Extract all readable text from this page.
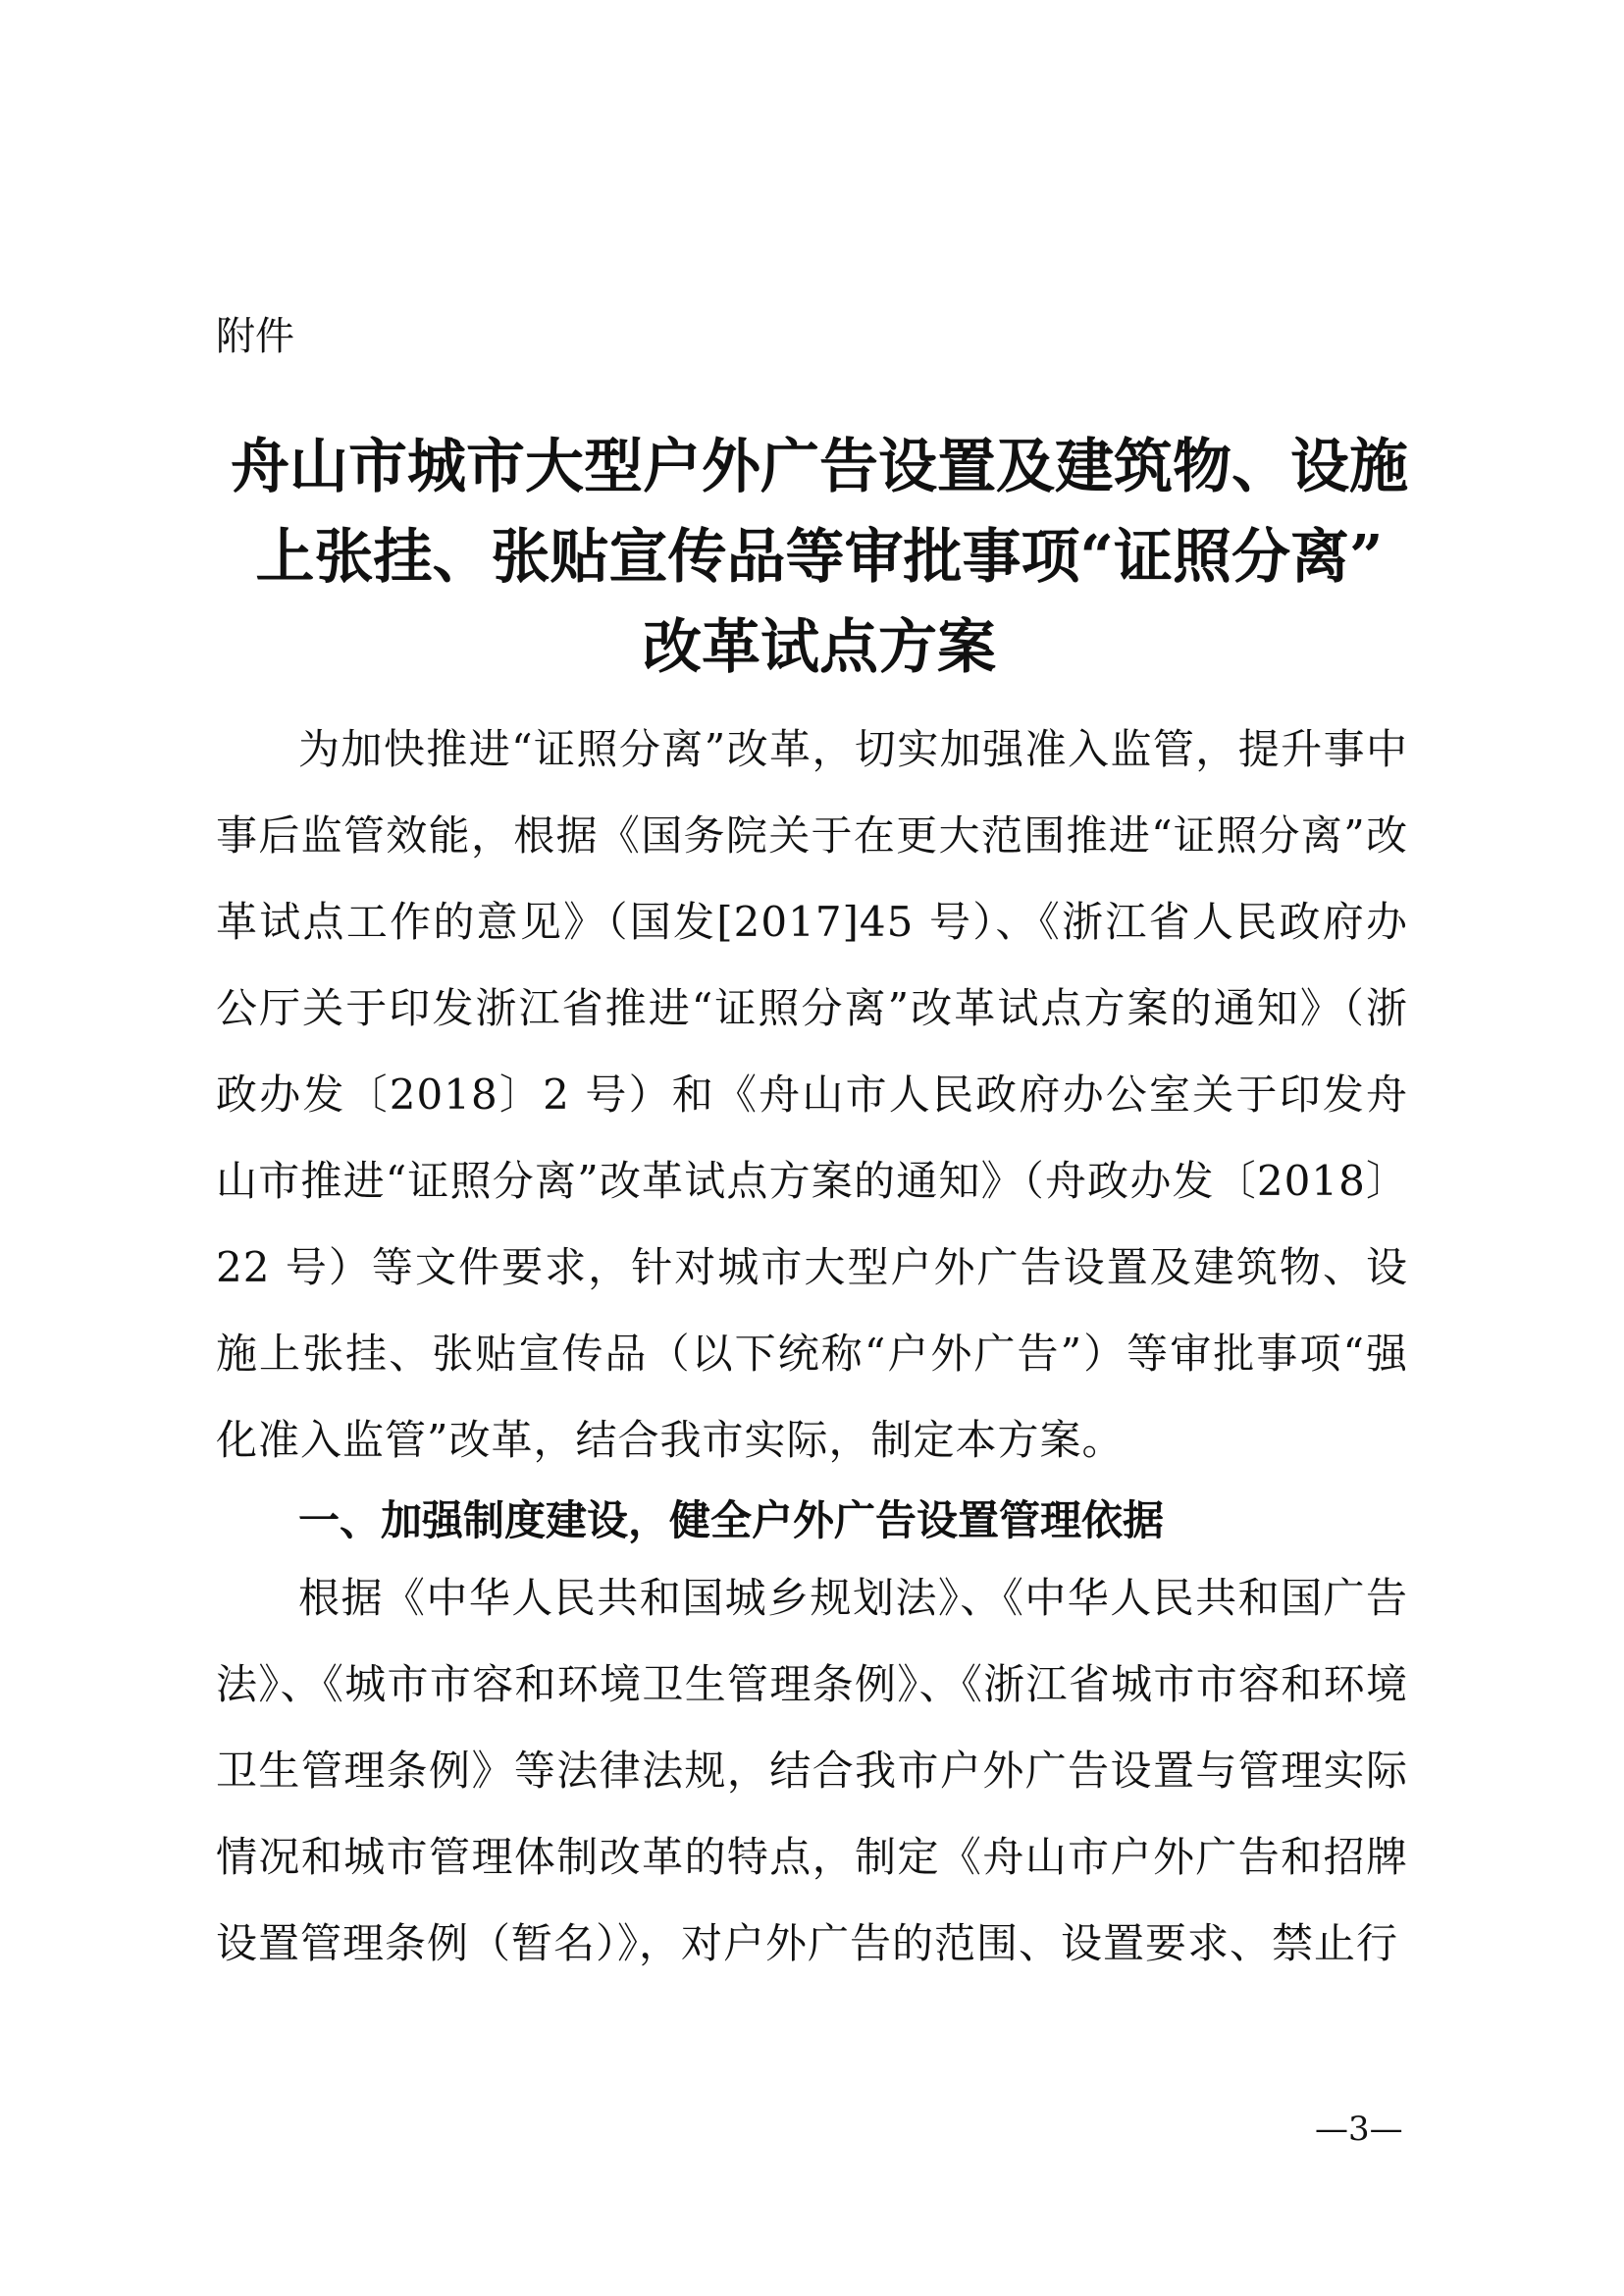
附件

舟山市城市大型户外广告设置及建筑物、设施
上张挂、张贴宣传品等审批事项“证照分离”
改革试点方案

为加快推进“证照分离”改革，切实加强准入监管，提升事中事后监管效能，根据《国务院关于在更大范围推进“证照分离”改革试点工作的意见》（国发[2017]45 号）、《浙江省人民政府办公厅关于印发浙江省推进“证照分离”改革试点方案的通知》（浙政办发〔2018〕2 号）和《舟山市人民政府办公室关于印发舟山市推进“证照分离”改革试点方案的通知》（舟政办发〔2018〕22 号）等文件要求，针对城市大型户外广告设置及建筑物、设施上张挂、张贴宣传品（以下统称“户外广告”）等审批事项“强化准入监管”改革，结合我市实际，制定本方案。

一、加强制度建设，健全户外广告设置管理依据

根据《中华人民共和国城乡规划法》、《中华人民共和国广告法》、《城市市容和环境卫生管理条例》、《浙江省城市市容和环境卫生管理条例》等法律法规，结合我市户外广告设置与管理实际情况和城市管理体制改革的特点，制定《舟山市户外广告和招牌设置管理条例（暂名）》，对户外广告的范围、设置要求、禁止行

—3—
